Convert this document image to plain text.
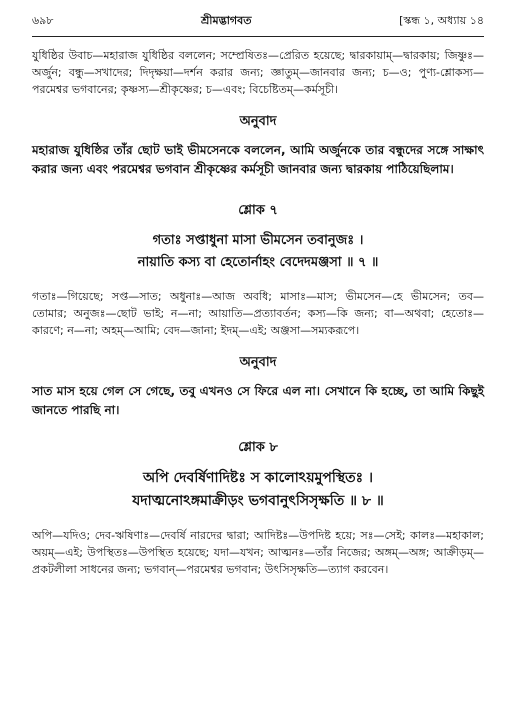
৬৯৮	শ্রীমদ্ভাগবত	[স্কন্ধ ১, অধ্যায় ১৪

যুধিষ্ঠির উবাচ—মহারাজ যুধিষ্ঠির বললেন; সম্প্রেষিতঃ—প্রেরিত হয়েছে; দ্বারকায়াম্—দ্বারকায়; জিষ্ণুঃ—অর্জুন; বন্ধু—সখাদের; দিদৃক্ষয়া—দর্শন করার জন্য; জ্ঞাতুম্—জানবার জন্য; চ—ও; পুণ্য-শ্লোকস্য—পরমেশ্বর ভগবানের; কৃষ্ণস্য—শ্রীকৃষ্ণের; চ—এবং; বিচেষ্টিতম্—কর্মসূচী।

অনুবাদ

মহারাজ যুধিষ্ঠির তাঁর ছোট ভাই ভীমসেনকে বললেন, আমি অর্জুনকে তার বন্ধুদের সঙ্গে সাক্ষাৎ করার জন্য এবং পরমেশ্বর ভগবান শ্রীকৃষ্ণের কর্মসূচী জানবার জন্য দ্বারকায় পাঠিয়েছিলাম।

শ্লোক ৭
গতাঃ সপ্তাধুনা মাসা ভীমসেন তবানুজঃ ।
নায়াতি কস্য বা হেতোর্নাহং বেদেদমঞ্জসা ॥ ৭ ॥

গতাঃ—গিয়েছে; সপ্ত—সাত; অধুনাঃ—আজ অবধি; মাসাঃ—মাস; ভীমসেন—হে ভীমসেন; তব—তোমার; অনুজঃ—ছোট ভাই; ন—না; আয়াতি—প্রত্যাবর্তন; কস্য—কি জন্য; বা—অথবা; হেতোঃ—কারণে; ন—না; অহম্—আমি; বেদ—জানা; ইদম্—এই; অঞ্জসা—সম্যকরূপে।

অনুবাদ

সাত মাস হয়ে গেল সে গেছে, তবু এখনও সে ফিরে এল না। সেখানে কি হচ্ছে, তা আমি কিছুই জানতে পারছি না।

শ্লোক ৮
অপি দেবর্ষিণাদিষ্টঃ স কালোঽয়মুপস্থিতঃ ।
যদাত্মনোঽঙ্গমাক্রীড়ং ভগবানুৎসিসৃক্ষতি ॥ ৮ ॥

অপি—যদিও; দেব-ঋষিণাঃ—দেবর্ষি নারদের দ্বারা; আদিষ্টঃ—উপদিষ্ট হয়ে; সঃ—সেই; কালঃ—মহাকাল; অয়ম্—এই; উপস্থিতঃ—উপস্থিত হয়েছে; যদা—যখন; আত্মনঃ—তাঁর নিজের; অঙ্গম্—অঙ্গ; আক্রীড়ম্—প্রকটলীলা সাধনের জন্য; ভগবান্—পরমেশ্বর ভগবান; উৎসিসৃক্ষতি—ত্যাগ করবেন।
